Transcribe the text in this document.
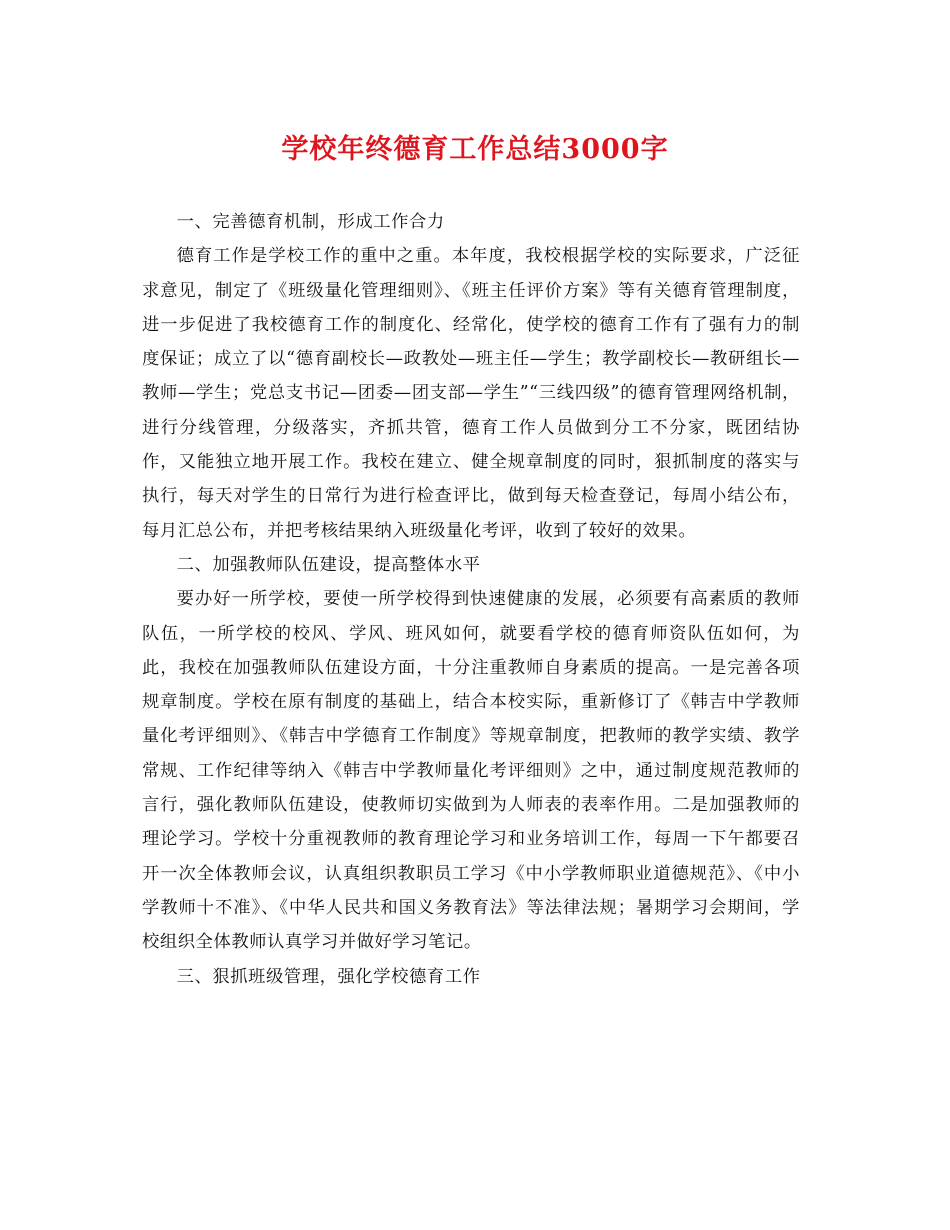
学校年终德育工作总结3000字

一、完善德育机制，形成工作合力

德育工作是学校工作的重中之重。本年度，我校根据学校的实际要求，广泛征求意见，制定了《班级量化管理细则》、《班主任评价方案》等有关德育管理制度，进一步促进了我校德育工作的制度化、经常化，使学校的德育工作有了强有力的制度保证；成立了以“德育副校长—政教处—班主任—学生；教学副校长—教研组长—教师—学生；党总支书记—团委—团支部—学生”“三线四级”的德育管理网络机制，进行分线管理，分级落实，齐抓共管，德育工作人员做到分工不分家，既团结协作，又能独立地开展工作。我校在建立、健全规章制度的同时，狠抓制度的落实与执行，每天对学生的日常行为进行检查评比，做到每天检查登记，每周小结公布，每月汇总公布，并把考核结果纳入班级量化考评，收到了较好的效果。

二、加强教师队伍建设，提高整体水平

要办好一所学校，要使一所学校得到快速健康的发展，必须要有高素质的教师队伍，一所学校的校风、学风、班风如何，就要看学校的德育师资队伍如何，为此，我校在加强教师队伍建设方面，十分注重教师自身素质的提高。一是完善各项规章制度。学校在原有制度的基础上，结合本校实际，重新修订了《韩吉中学教师量化考评细则》、《韩吉中学德育工作制度》等规章制度，把教师的教学实绩、教学常规、工作纪律等纳入《韩吉中学教师量化考评细则》之中，通过制度规范教师的言行，强化教师队伍建设，使教师切实做到为人师表的表率作用。二是加强教师的理论学习。学校十分重视教师的教育理论学习和业务培训工作，每周一下午都要召开一次全体教师会议，认真组织教职员工学习《中小学教师职业道德规范》、《中小学教师十不准》、《中华人民共和国义务教育法》等法律法规；暑期学习会期间，学校组织全体教师认真学习并做好学习笔记。

三、狠抓班级管理，强化学校德育工作
